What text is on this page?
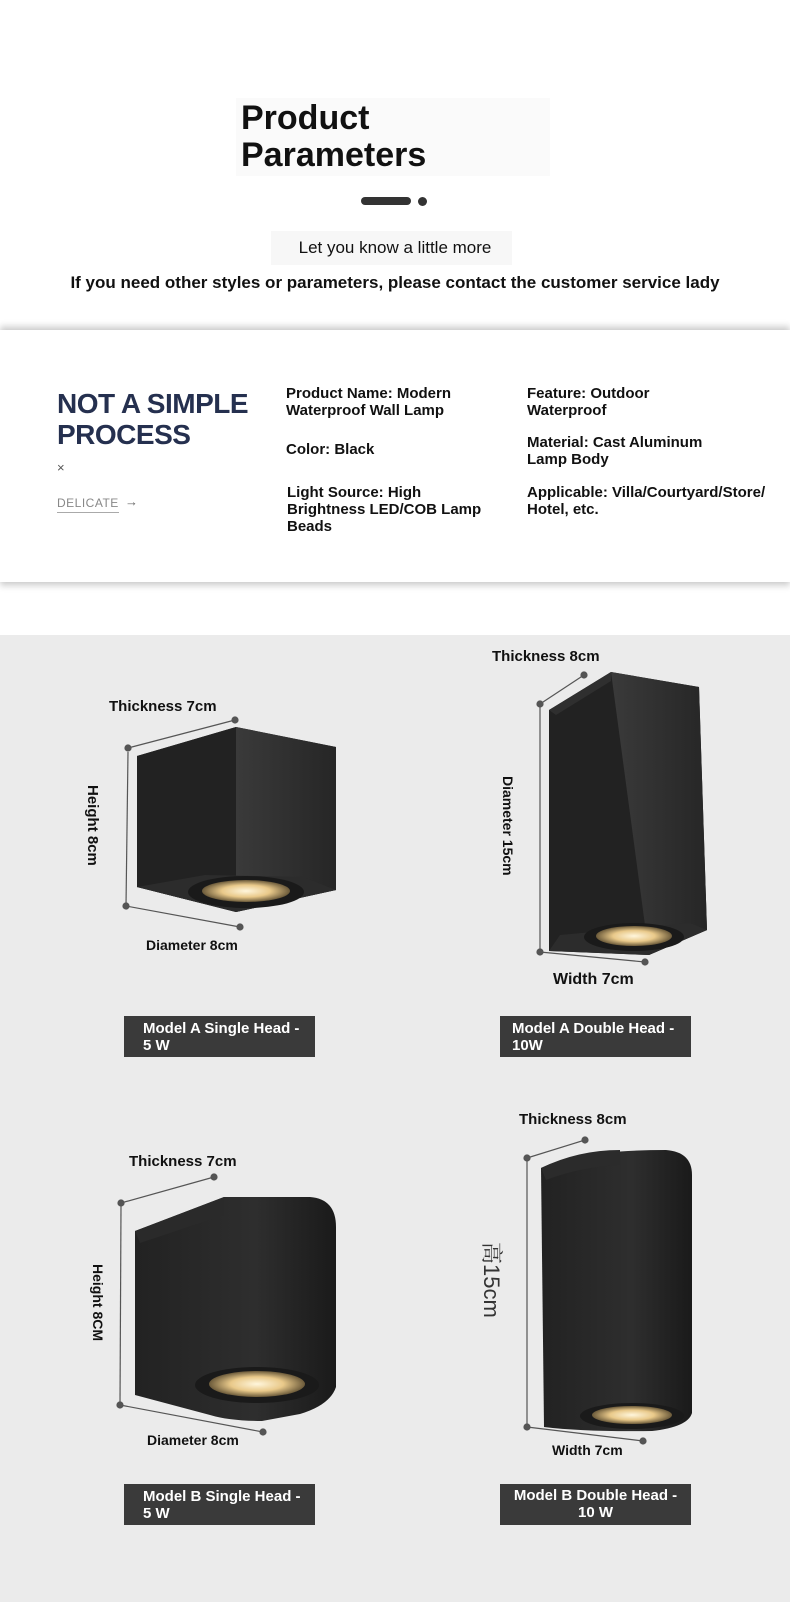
Product
Parameters
Let you know a little more
If you need other styles or parameters, please contact the customer service lady
NOT A SIMPLE
PROCESS
×
DELICATE →
Product Name: Modern Waterproof Wall Lamp
Feature: Outdoor Waterproof
Color: Black	Material: Cast Aluminum Lamp Body
Light Source: High Brightness LED/COB Lamp Beads
Applicable: Villa/Courtyard/Store/ Hotel, etc.
Thickness 7cm
Height 8cm
Diameter 8cm
Model A Single Head - 5 W
Thickness 8cm
Diameter 15cm
Width 7cm
Model A Double Head - 10W
Thickness 7cm
Height 8CM
Diameter 8cm
Model B Single Head - 5 W
Thickness 8cm
高15cm
Width 7cm
Model B Double Head - 10 W
